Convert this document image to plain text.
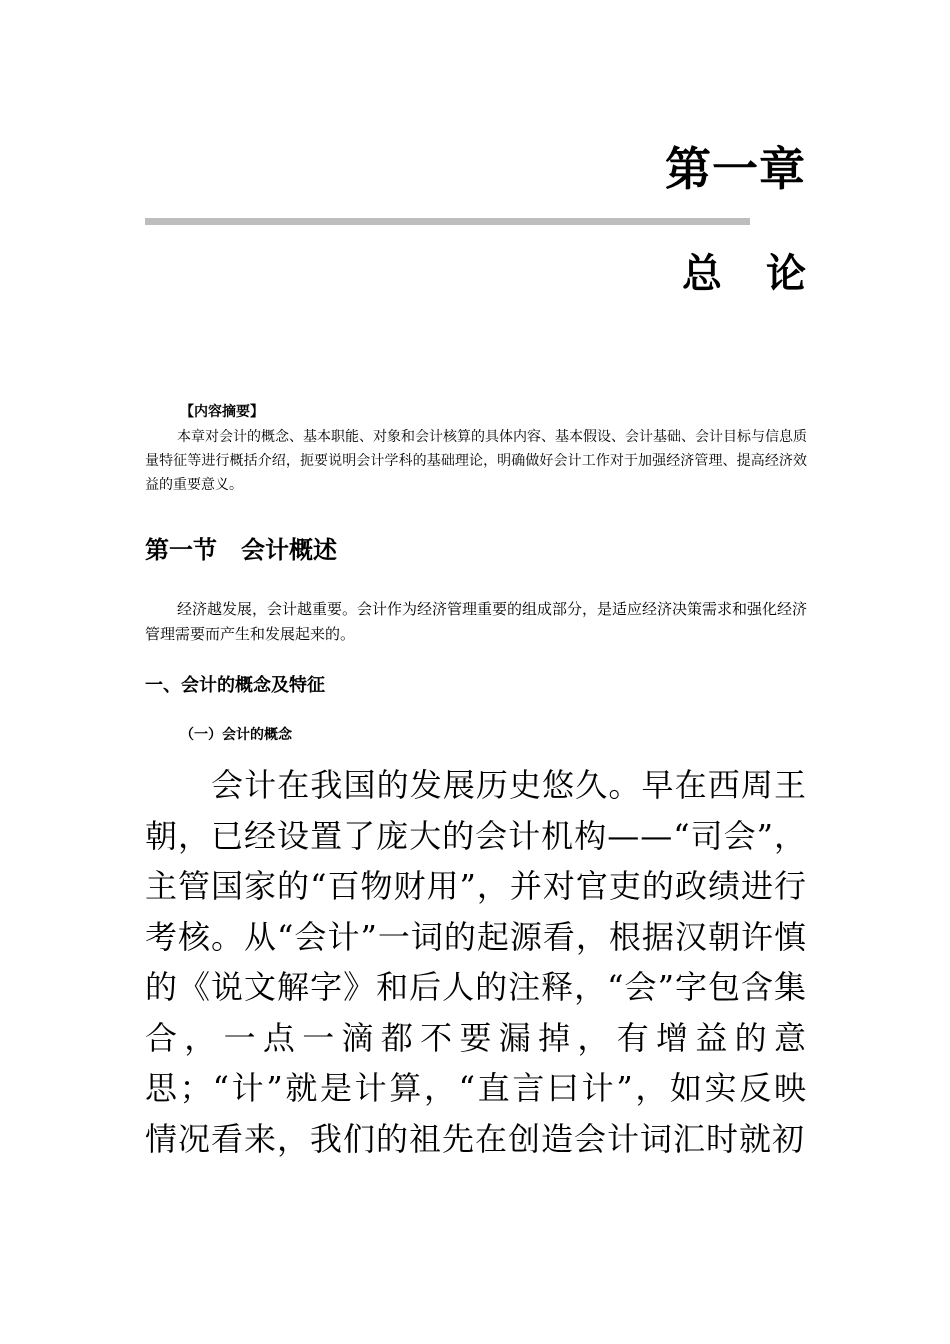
第一章
总论
【内容摘要】

本章对会计的概念、基本职能、对象和会计核算的具体内容、基本假设、会计基础、会计目标与信息质量特征等进行概括介绍，扼要说明会计学科的基础理论，明确做好会计工作对于加强经济管理、提高经济效益的重要意义。

第一节　会计概述

经济越发展，会计越重要。会计作为经济管理重要的组成部分，是适应经济决策需求和强化经济管理需要而产生和发展起来的。

一、会计的概念及特征
（一）会计的概念

会计在我国的发展历史悠久。早在西周王朝，已经设置了庞大的会计机构——“司会”，主管国家的“百物财用”，并对官吏的政绩进行考核。从“会计”一词的起源看，根据汉朝许慎的《说文解字》和后人的注释，“会”字包含集合，一点一滴都不要漏掉，有增益的意思；“计”就是计算，“直言曰计”，如实反映情况看来，我们的祖先在创造会计词汇时就初
